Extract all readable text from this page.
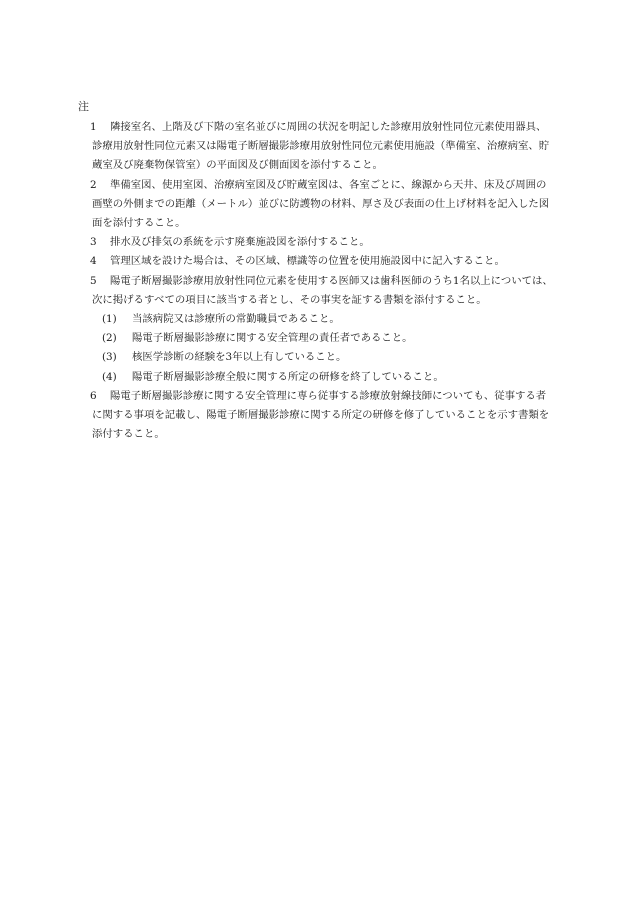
注

1 隣接室名、上階及び下階の室名並びに周囲の状況を明記した診療用放射性同位元素使用器具、診療用放射性同位元素又は陽電子断層撮影診療用放射性同位元素使用施設（準備室、治療病室、貯蔵室及び廃棄物保管室）の平面図及び側面図を添付すること。

2 準備室図、使用室図、治療病室図及び貯蔵室図は、各室ごとに、線源から天井、床及び周囲の画壁の外側までの距離（メートル）並びに防護物の材料、厚さ及び表面の仕上げ材料を記入した図面を添付すること。

3 排水及び排気の系統を示す廃棄施設図を添付すること。

4 管理区域を設けた場合は、その区域、標識等の位置を使用施設図中に記入すること。

5 陽電子断層撮影診療用放射性同位元素を使用する医師又は歯科医師のうち1名以上については、次に掲げるすべての項目に該当する者とし、その事実を証する書類を添付すること。

(1) 当該病院又は診療所の常勤職員であること。

(2) 陽電子断層撮影診療に関する安全管理の責任者であること。

(3) 核医学診断の経験を3年以上有していること。

(4) 陽電子断層撮影診療全般に関する所定の研修を終了していること。

6 陽電子断層撮影診療に関する安全管理に専ら従事する診療放射線技師についても、従事する者に関する事項を記載し、陽電子断層撮影診療に関する所定の研修を修了していることを示す書類を添付すること。
